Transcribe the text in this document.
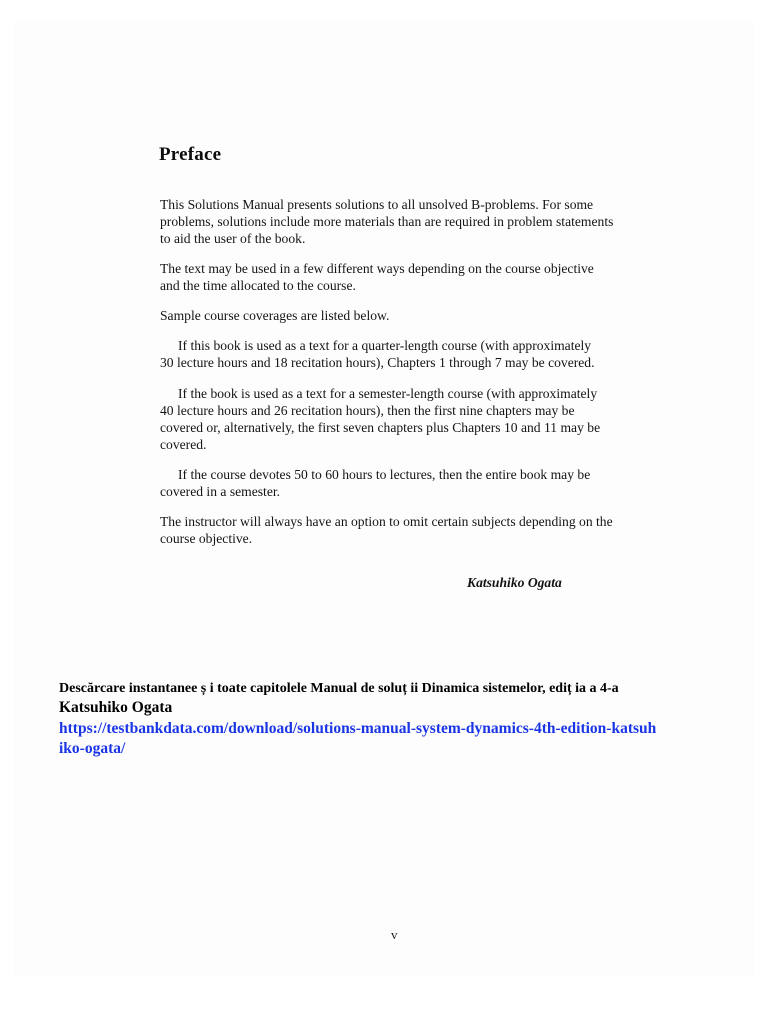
Preface

This Solutions Manual presents solutions to all unsolved B-problems. For some
problems, solutions include more materials than are required in problem statements
to aid the user of the book.

The text may be used in a few different ways depending on the course objective
and the time allocated to the course.

Sample course coverages are listed below.

If this book is used as a text for a quarter-length course (with approximately
30 lecture hours and 18 recitation hours), Chapters 1 through 7 may be covered.

If the book is used as a text for a semester-length course (with approximately
40 lecture hours and 26 recitation hours), then the first nine chapters may be
covered or, alternatively, the first seven chapters plus Chapters 10 and 11 may be
covered.

If the course devotes 50 to 60 hours to lectures, then the entire book may be
covered in a semester.

The instructor will always have an option to omit certain subjects depending on the
course objective.

Katsuhiko Ogata

Descărcare instantanee ș i toate capitolele Manual de soluț ii Dinamica sistemelor, ediț ia a 4-a

Katsuhiko Ogata

https://testbankdata.com/download/solutions-manual-system-dynamics-4th-edition-katsuh
iko-ogata/
v
